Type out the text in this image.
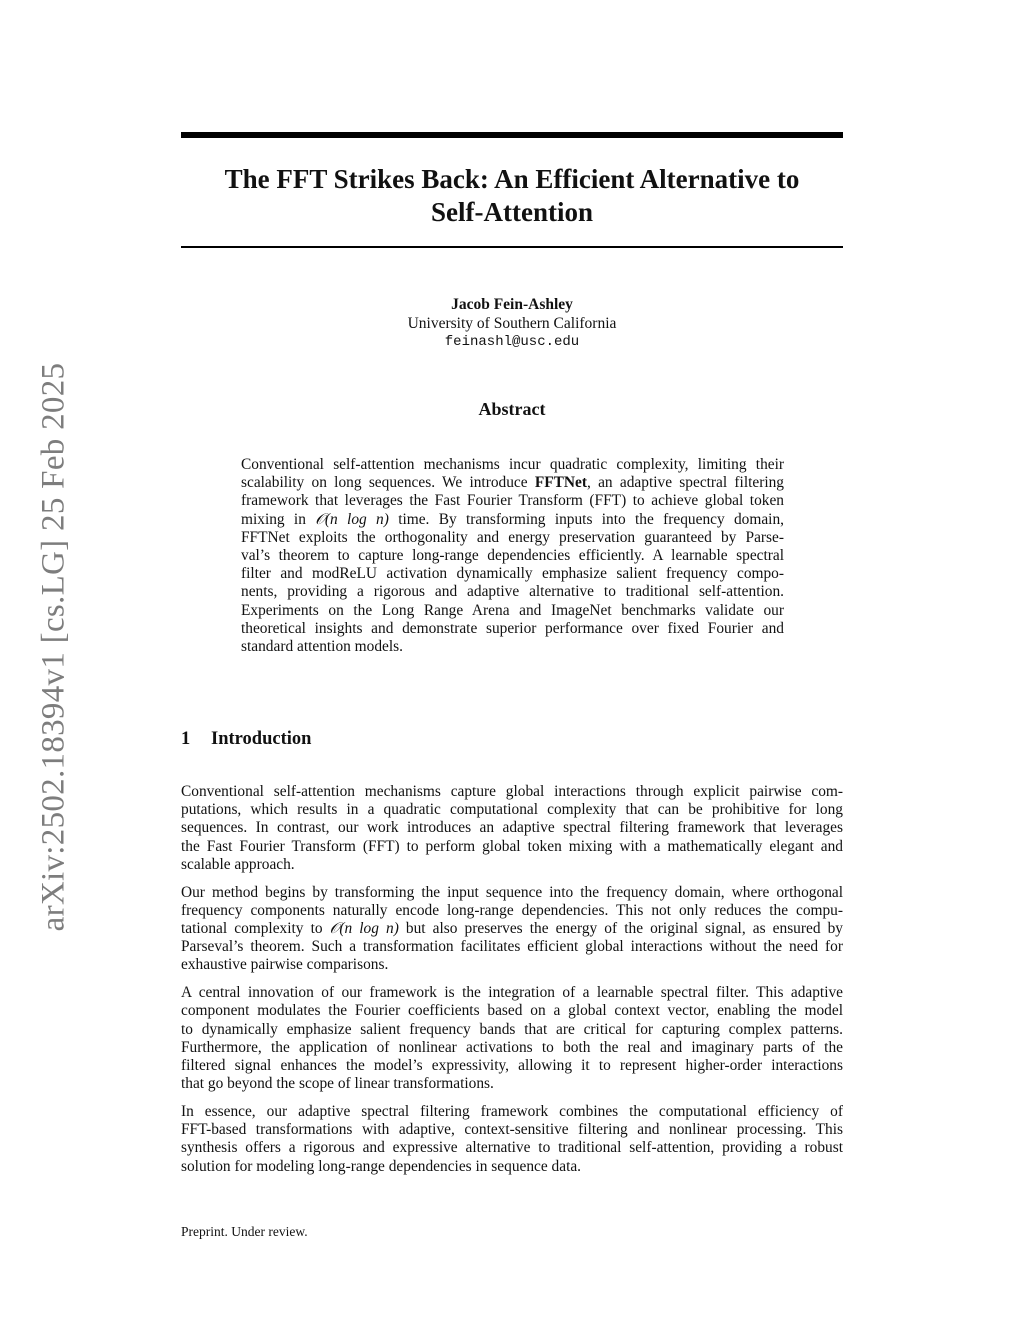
arXiv:2502.18394v1 [cs.LG] 25 Feb 2025
The FFT Strikes Back: An Efficient Alternative to
Self-Attention
Jacob Fein-Ashley
University of Southern California
feinashl@usc.edu
Abstract
Conventional self-attention mechanisms incur quadratic complexity, limiting their
scalability on long sequences. We introduce FFTNet, an adaptive spectral filtering
framework that leverages the Fast Fourier Transform (FFT) to achieve global token
mixing in 𝒪(n log n) time. By transforming inputs into the frequency domain,
FFTNet exploits the orthogonality and energy preservation guaranteed by Parse-
val’s theorem to capture long-range dependencies efficiently. A learnable spectral
filter and modReLU activation dynamically emphasize salient frequency compo-
nents, providing a rigorous and adaptive alternative to traditional self-attention.
Experiments on the Long Range Arena and ImageNet benchmarks validate our
theoretical insights and demonstrate superior performance over fixed Fourier and
standard attention models.
1 Introduction
Conventional self-attention mechanisms capture global interactions through explicit pairwise com-
putations, which results in a quadratic computational complexity that can be prohibitive for long
sequences. In contrast, our work introduces an adaptive spectral filtering framework that leverages
the Fast Fourier Transform (FFT) to perform global token mixing with a mathematically elegant and
scalable approach.
Our method begins by transforming the input sequence into the frequency domain, where orthogonal
frequency components naturally encode long-range dependencies. This not only reduces the compu-
tational complexity to 𝒪(n log n) but also preserves the energy of the original signal, as ensured by
Parseval’s theorem. Such a transformation facilitates efficient global interactions without the need for
exhaustive pairwise comparisons.
A central innovation of our framework is the integration of a learnable spectral filter. This adaptive
component modulates the Fourier coefficients based on a global context vector, enabling the model
to dynamically emphasize salient frequency bands that are critical for capturing complex patterns.
Furthermore, the application of nonlinear activations to both the real and imaginary parts of the
filtered signal enhances the model’s expressivity, allowing it to represent higher-order interactions
that go beyond the scope of linear transformations.
In essence, our adaptive spectral filtering framework combines the computational efficiency of
FFT-based transformations with adaptive, context-sensitive filtering and nonlinear processing. This
synthesis offers a rigorous and expressive alternative to traditional self-attention, providing a robust
solution for modeling long-range dependencies in sequence data.
Preprint. Under review.
